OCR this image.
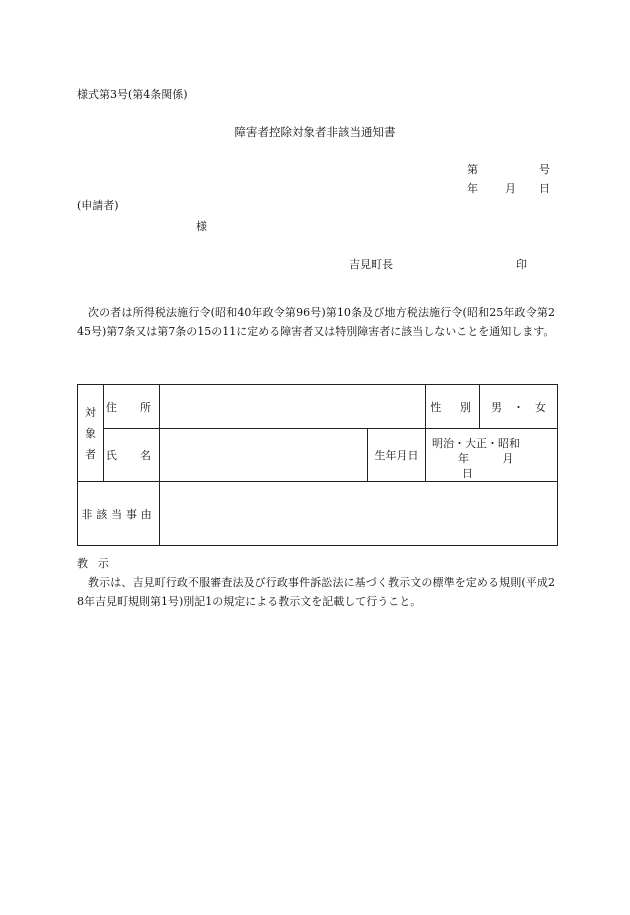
様式第3号(第4条関係)
障害者控除対象者非該当通知書
第	号
年 月 日
(申請者)
様
吉見町長	印
次の者は所得税法施行令(昭和40年政令第96号)第10条及び地方税法施行令(昭和25年政令第245号)第7条又は第7条の15の11に定める障害者又は特別障害者に該当しないことを通知します。
対
象
者	住　所			性　別	男　・　女
	氏　名		生年月日	明治・大正・昭和
年 月 日	

非該当事由					
教示
教示は、吉見町行政不服審査法及び行政事件訴訟法に基づく教示文の標準を定める規則(平成28年吉見町規則第1号)別記1の規定による教示文を記載して行うこと。
